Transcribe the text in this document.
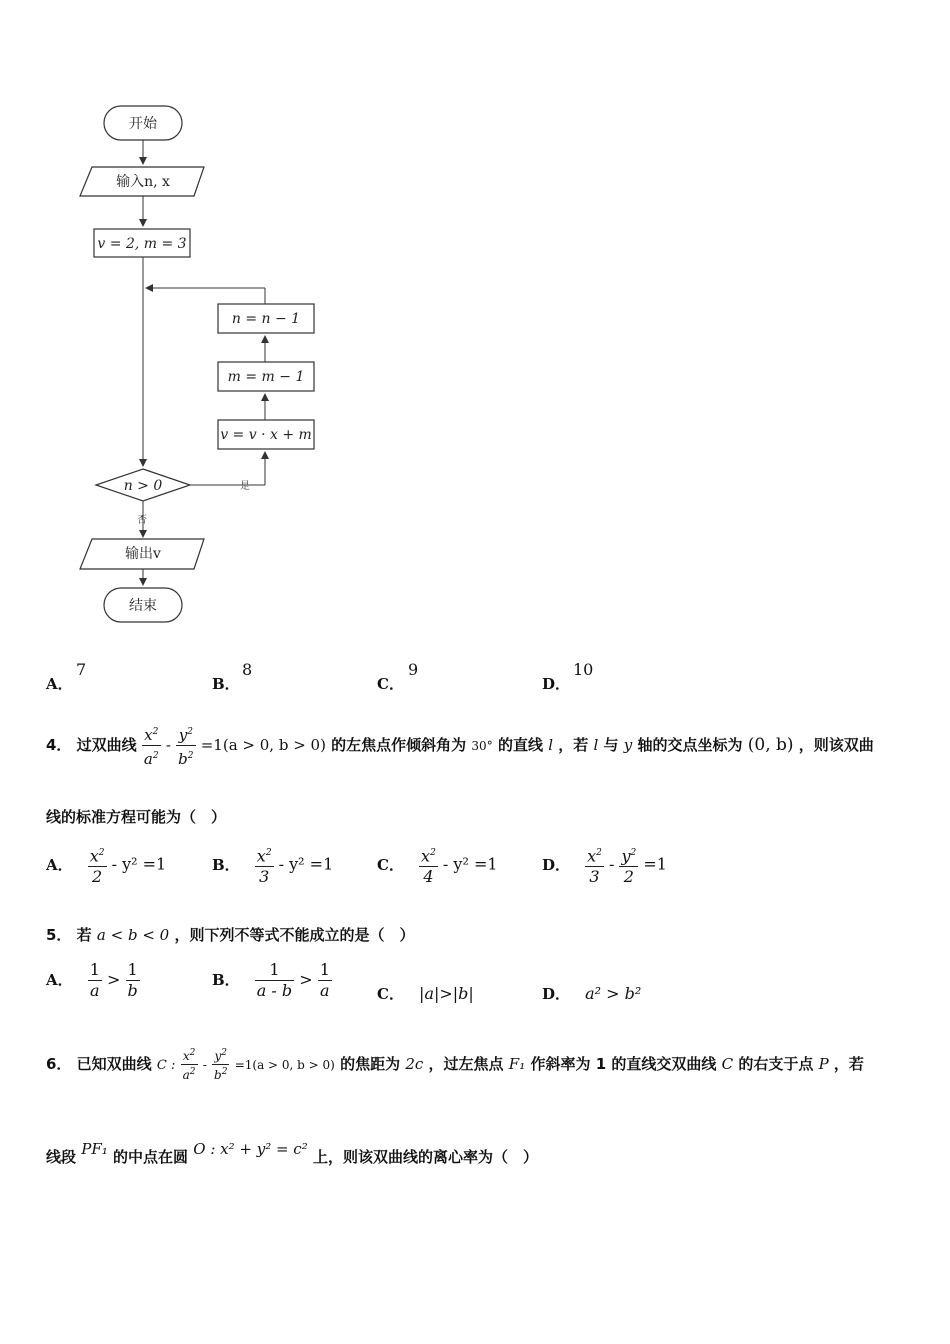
开始
输入n, x
v = 2, m = 3
n = n − 1
m = m − 1
v = v · x + m
n > 0	是
否
输出v
结束
A．
7
B．
8
C．
9
D．
10
4． 过双曲线 $\frac{x^2}{a^2} - \frac{y^2}{b^2} =1(a > 0$, b > 0) 的左焦点作倾斜角为 30° 的直线 l ，若 l 与 y 轴的交点坐标为 (0, b) ，则该双曲
线的标准方程可能为（　）
A． $\frac{x^2}{2} - y^2 =1$	B． $\frac{x^2}{3} - y^2 =1$	C． $\frac{x^2}{4} - y^2 =1$	D． $\frac{x^2}{3} - \frac{y^2}{2} =1$
5． 若 a < b < 0 ，则下列不等式不能成立的是（　）
A． $\frac{1}{a} > \frac{1}{b}$	B． $\frac{1}{a - b} > \frac{1}{a}$	C． |a|>|b|	D． a² > b²
6． 已知双曲线 C : $\frac{x^2}{a^2} - \frac{y^2}{b^2} =1(a > 0$, b > 0) 的焦距为 2c ，过左焦点 F₁ 作斜率为 1 的直线交双曲线 C 的右支于点 P ，若
线段 PF₁ 的中点在圆 O : x² + y² = c² 上，则该双曲线的离心率为（　）
